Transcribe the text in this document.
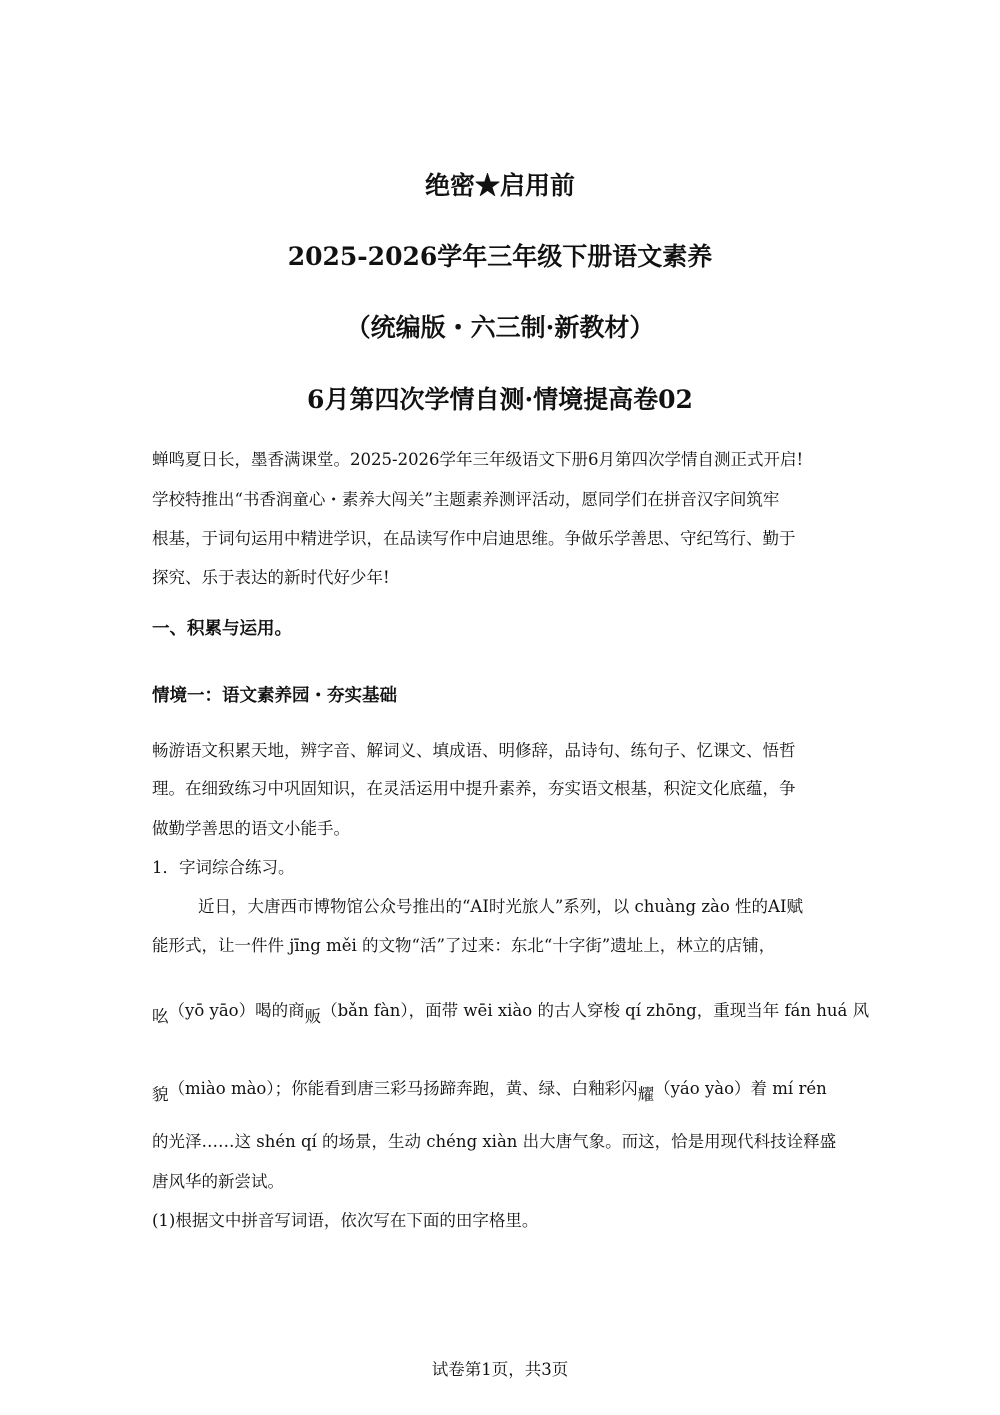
绝密★启用前
2025-2026学年三年级下册语文素养
（统编版・六三制·新教材）
6月第四次学情自测·情境提高卷02
蝉鸣夏日长，墨香满课堂。2025-2026学年三年级语文下册6月第四次学情自测正式开启!
学校特推出“书香润童心・素养大闯关”主题素养测评活动，愿同学们在拼音汉字间筑牢
根基，于词句运用中精进学识，在品读写作中启迪思维。争做乐学善思、守纪笃行、勤于
探究、乐于表达的新时代好少年!
一、积累与运用。
情境一：语文素养园・夯实基础
畅游语文积累天地，辨字音、解词义、填成语、明修辞，品诗句、练句子、忆课文、悟哲
理。在细致练习中巩固知识，在灵活运用中提升素养，夯实语文根基，积淀文化底蕴，争
做勤学善思的语文小能手。
1．字词综合练习。
近日，大唐西市博物馆公众号推出的“AI时光旅人”系列，以 chuàng zào 性的AI赋
能形式，让一件件 jīng měi 的文物“活”了过来：东北“十字街”遗址上，林立的店铺，
吆（yō yāo）喝的商贩（bǎn fàn），面带 wēi xiào 的古人穿梭 qí zhōng，重现当年 fán huá 风
貌（miào mào）；你能看到唐三彩马扬蹄奔跑，黄、绿、白釉彩闪耀（yáo yào）着 mí rén
的光泽……这 shén qí 的场景，生动 chéng xiàn 出大唐气象。而这，恰是用现代科技诠释盛
唐风华的新尝试。
(1)根据文中拼音写词语，依次写在下面的田字格里。
试卷第1页，共3页
